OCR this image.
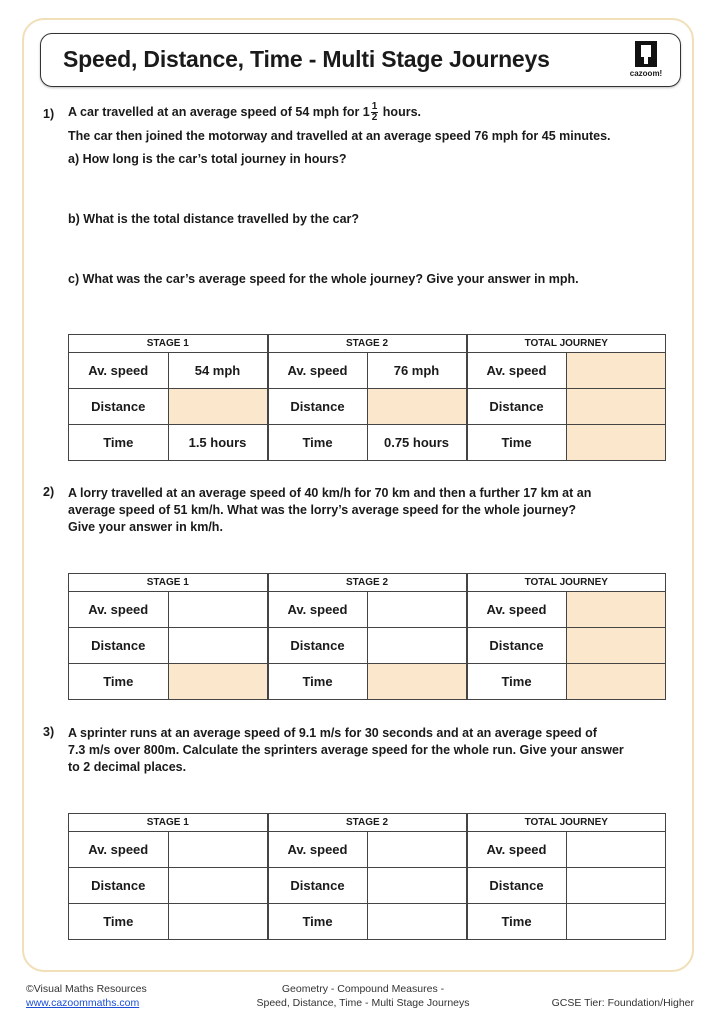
Speed, Distance, Time - Multi Stage Journeys
cazoom!
1) A car travelled at an average speed of 54 mph for $1 \frac{1}{2}$ hours.
The car then joined the motorway and travelled at an average speed 76 mph for 45 minutes.
a) How long is the car’s total journey in hours?
b) What is the total distance travelled by the car?
c) What was the car’s average speed for the whole journey? Give your answer in mph.
STAGE 1		STAGE 2		TOTAL JOURNEY	
Av. speed	54 mph	Av. speed	76 mph	Av. speed	
Distance		Distance		Distance	
Time	1.5 hours	Time	0.75 hours	Time	
2) A lorry travelled at an average speed of 40 km/h for 70 km and then a further 17 km at an
average speed of 51 km/h. What was the lorry’s average speed for the whole journey?
Give your answer in km/h.
STAGE 1		STAGE 2		TOTAL JOURNEY	
Av. speed		Av. speed		Av. speed	
Distance		Distance		Distance	
Time		Time		Time	
3) A sprinter runs at an average speed of 9.1 m/s for 30 seconds and at an average speed of
7.3 m/s over 800m. Calculate the sprinters average speed for the whole run. Give your answer
to 2 decimal places.
STAGE 1		STAGE 2		TOTAL JOURNEY	
Av. speed		Av. speed		Av. speed	
Distance		Distance		Distance	
Time		Time		Time	
©Visual Maths Resources
www.cazoommaths.com
Geometry - Compound Measures -
Speed, Distance, Time - Multi Stage Journeys	GCSE Tier: Foundation/Higher
